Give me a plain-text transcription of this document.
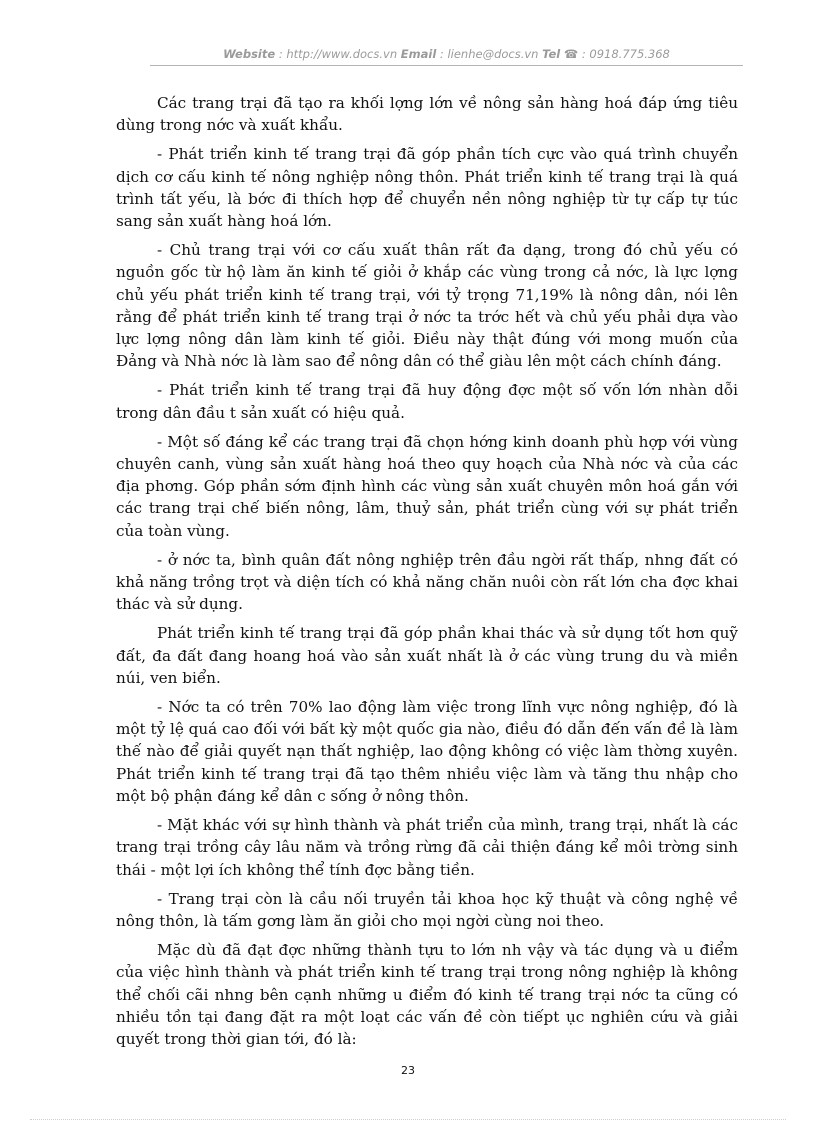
Website : http://www.docs.vn Email : lienhe@docs.vn Tel ☎ : 0918.775.368

Các trang trại đã tạo ra khối lợng lớn về nông sản hàng hoá đáp ứng tiêu dùng trong nớc và xuất khẩu.

- Phát triển kinh tế trang trại đã góp phần tích cực vào quá trình chuyển dịch cơ cấu kinh tế nông nghiệp nông thôn. Phát triển kinh tế trang trại là quá trình tất yếu, là bớc đi thích hợp để chuyển nền nông nghiệp từ tự cấp tự túc sang sản xuất hàng hoá lớn.

- Chủ trang trại với cơ cấu xuất thân rất đa dạng, trong đó chủ yếu có nguồn gốc từ hộ làm ăn kinh tế giỏi ở khắp các vùng trong cả nớc, là lực lợng chủ yếu phát triển kinh tế trang trại, với tỷ trọng 71,19% là nông dân, nói lên rằng để phát triển kinh tế trang trại ở nớc ta trớc hết và chủ yếu phải dựa vào lực lợng nông dân làm kinh tế giỏi. Điều này thật đúng với mong muốn của Đảng và Nhà nớc là làm sao để nông dân có thể giàu lên một cách chính đáng.

- Phát triển kinh tế trang trại đã huy động đợc một số vốn lớn nhàn dỗi trong dân đầu t sản xuất có hiệu quả.

- Một số đáng kể các trang trại đã chọn hớng kinh doanh phù hợp với vùng chuyên canh, vùng sản xuất hàng hoá theo quy hoạch của Nhà nớc và của các địa phơng. Góp phần sớm định hình các vùng sản xuất chuyên môn hoá gắn với các trang trại chế biến nông, lâm, thuỷ sản, phát triển cùng với sự phát triển của toàn vùng.

- ở nớc ta, bình quân đất nông nghiệp trên đầu ngời rất thấp, nhng đất có khả năng trồng trọt và diện tích có khả năng chăn nuôi còn rất lớn cha đợc khai thác và sử dụng.

Phát triển kinh tế trang trại đã góp phần khai thác và sử dụng tốt hơn quỹ đất, đa đất đang hoang hoá vào sản xuất nhất là ở các vùng trung du và miền núi, ven biển.

- Nớc ta có trên 70% lao động làm việc trong lĩnh vực nông nghiệp, đó là một tỷ lệ quá cao đối với bất kỳ một quốc gia nào, điều đó dẫn đến vấn đề là làm thế nào để giải quyết nạn thất nghiệp, lao động không có việc làm thờng xuyên. Phát triển kinh tế trang trại đã tạo thêm nhiều việc làm và tăng thu nhập cho một bộ phận đáng kể dân c sống ở nông thôn.

- Mặt khác với sự hình thành và phát triển của mình, trang trại, nhất là các trang trại trồng cây lâu năm và trồng rừng đã cải thiện đáng kể môi trờng sinh thái - một lợi ích không thể tính đợc bằng tiền.

- Trang trại còn là cầu nối truyền tải khoa học kỹ thuật và công nghệ về nông thôn, là tấm gơng làm ăn giỏi cho mọi ngời cùng noi theo.

Mặc dù đã đạt đợc những thành tựu to lớn nh vậy và tác dụng và u điểm của việc hình thành và phát triển kinh tế trang trại trong nông nghiệp là không thể chối cãi nhng bên cạnh những u điểm đó kinh tế trang trại nớc ta cũng có nhiều tồn tại đang đặt ra một loạt các vấn đề còn tiếpt ục nghiên cứu và giải quyết trong thời gian tới, đó là:

23
